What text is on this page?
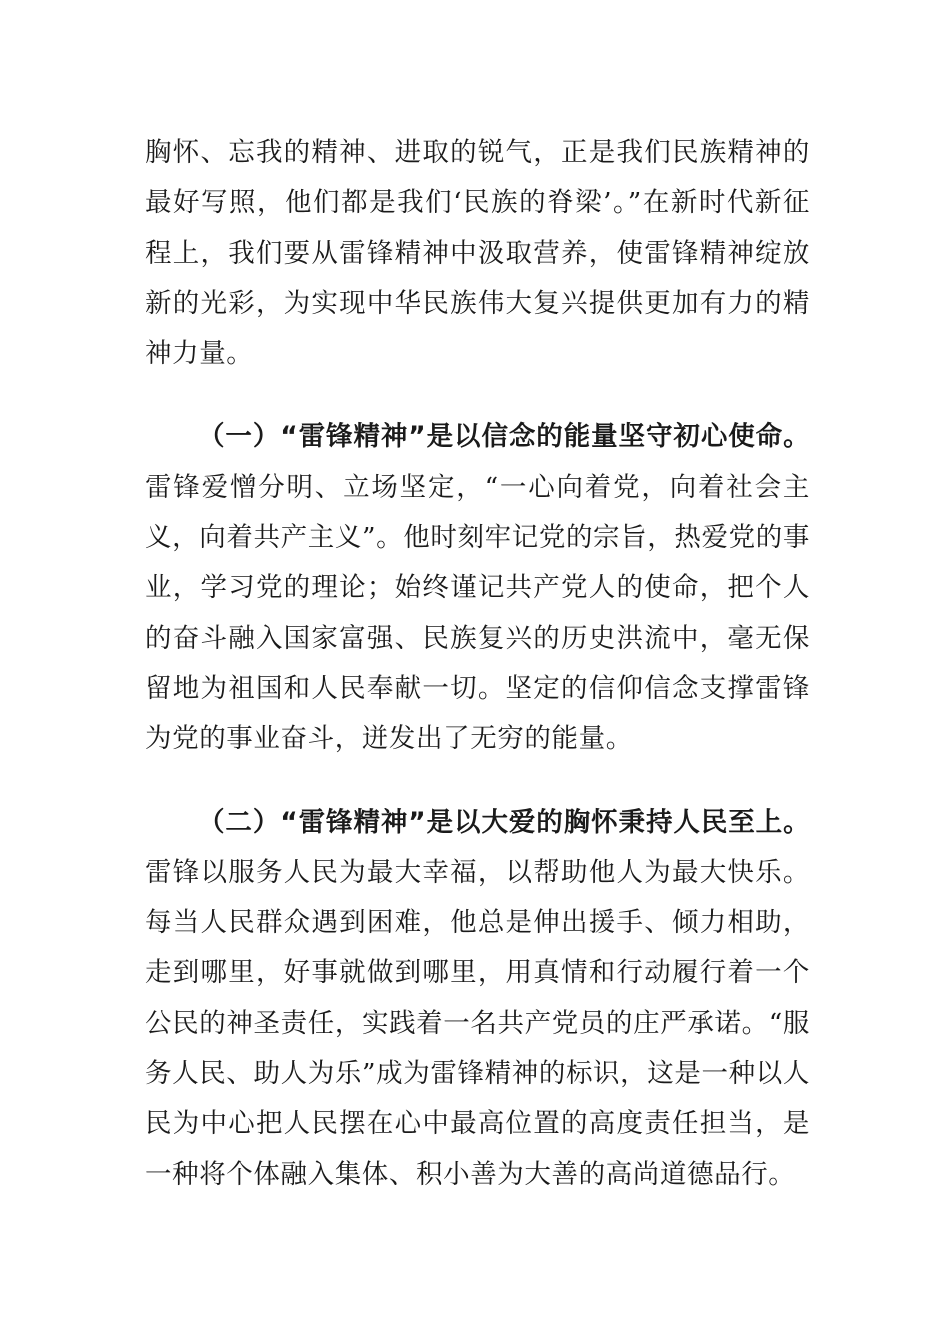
胸怀、忘我的精神、进取的锐气，正是我们民族精神的最好写照，他们都是我们‘民族的脊梁’。”在新时代新征程上，我们要从雷锋精神中汲取营养，使雷锋精神绽放新的光彩，为实现中华民族伟大复兴提供更加有力的精神力量。

（一）“雷锋精神”是以信念的能量坚守初心使命。雷锋爱憎分明、立场坚定，“一心向着党，向着社会主义，向着共产主义”。他时刻牢记党的宗旨，热爱党的事业，学习党的理论；始终谨记共产党人的使命，把个人的奋斗融入国家富强、民族复兴的历史洪流中，毫无保留地为祖国和人民奉献一切。坚定的信仰信念支撑雷锋为党的事业奋斗，迸发出了无穷的能量。

（二）“雷锋精神”是以大爱的胸怀秉持人民至上。雷锋以服务人民为最大幸福，以帮助他人为最大快乐。每当人民群众遇到困难，他总是伸出援手、倾力相助，走到哪里，好事就做到哪里，用真情和行动履行着一个公民的神圣责任，实践着一名共产党员的庄严承诺。“服务人民、助人为乐”成为雷锋精神的标识，这是一种以人民为中心把人民摆在心中最高位置的高度责任担当，是一种将个体融入集体、积小善为大善的高尚道德品行。
